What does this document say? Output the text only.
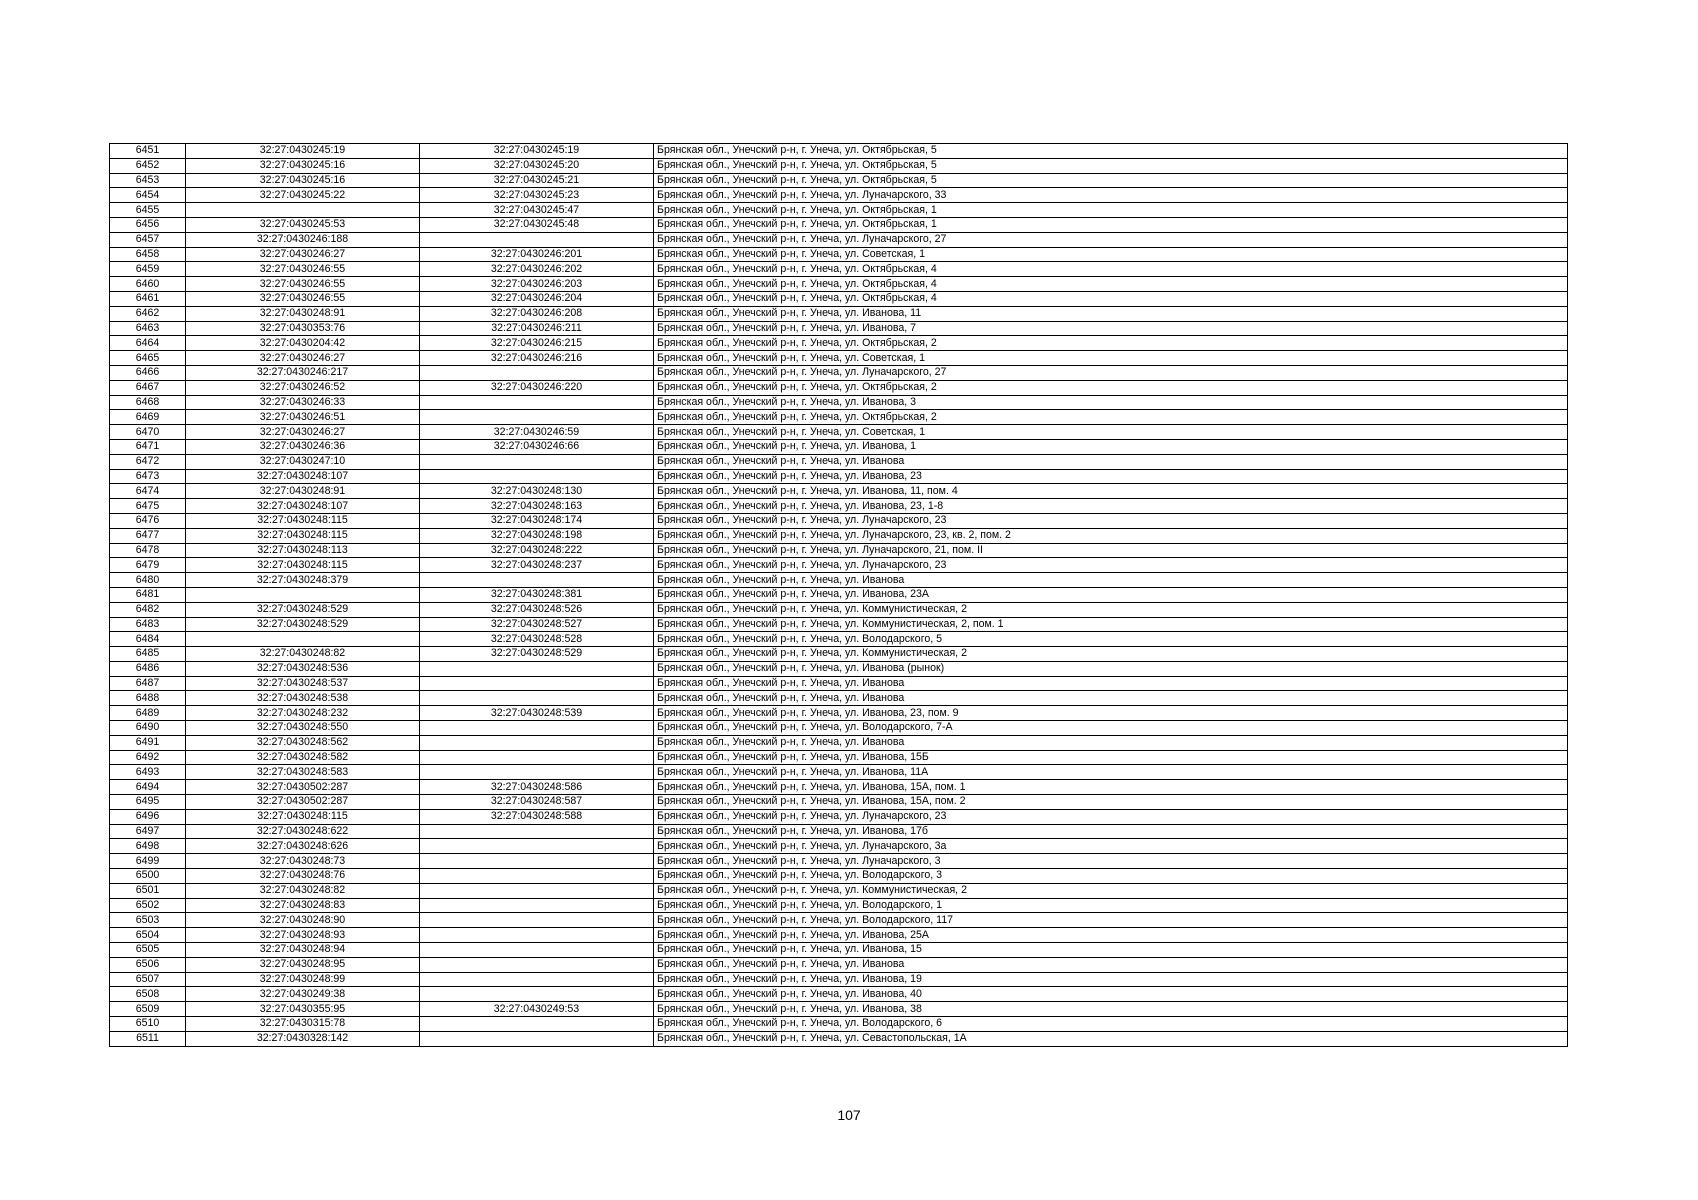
6451	32:27:0430245:19	32:27:0430245:19	Брянская обл., Унечский р-н, г. Унеча, ул. Октябрьская, 5
6452	32:27:0430245:16	32:27:0430245:20	Брянская обл., Унечский р-н, г. Унеча, ул. Октябрьская, 5
6453	32:27:0430245:16	32:27:0430245:21	Брянская обл., Унечский р-н, г. Унеча, ул. Октябрьская, 5
6454	32:27:0430245:22	32:27:0430245:23	Брянская обл., Унечский р-н, г. Унеча, ул. Луначарского, 33
6455		32:27:0430245:47	Брянская обл., Унечский р-н, г. Унеча, ул. Октябрьская, 1
6456	32:27:0430245:53	32:27:0430245:48	Брянская обл., Унечский р-н, г. Унеча, ул. Октябрьская, 1
6457	32:27:0430246:188		Брянская обл., Унечский р-н, г. Унеча, ул. Луначарского, 27
6458	32:27:0430246:27	32:27:0430246:201	Брянская обл., Унечский р-н, г. Унеча, ул. Советская, 1
6459	32:27:0430246:55	32:27:0430246:202	Брянская обл., Унечский р-н, г. Унеча, ул. Октябрьская, 4
6460	32:27:0430246:55	32:27:0430246:203	Брянская обл., Унечский р-н, г. Унеча, ул. Октябрьская, 4
6461	32:27:0430246:55	32:27:0430246:204	Брянская обл., Унечский р-н, г. Унеча, ул. Октябрьская, 4
6462	32:27:0430248:91	32:27:0430246:208	Брянская обл., Унечский р-н, г. Унеча, ул. Иванова, 11
6463	32:27:0430353:76	32:27:0430246:211	Брянская обл., Унечский р-н, г. Унеча, ул. Иванова, 7
6464	32:27:0430204:42	32:27:0430246:215	Брянская обл., Унечский р-н, г. Унеча, ул. Октябрьская, 2
6465	32:27:0430246:27	32:27:0430246:216	Брянская обл., Унечский р-н, г. Унеча, ул. Советская, 1
6466	32:27:0430246:217		Брянская обл., Унечский р-н, г. Унеча, ул. Луначарского, 27
6467	32:27:0430246:52	32:27:0430246:220	Брянская обл., Унечский р-н, г. Унеча, ул. Октябрьская, 2
6468	32:27:0430246:33		Брянская обл., Унечский р-н, г. Унеча, ул. Иванова, 3
6469	32:27:0430246:51		Брянская обл., Унечский р-н, г. Унеча, ул. Октябрьская, 2
6470	32:27:0430246:27	32:27:0430246:59	Брянская обл., Унечский р-н, г. Унеча, ул. Советская, 1
6471	32:27:0430246:36	32:27:0430246:66	Брянская обл., Унечский р-н, г. Унеча, ул. Иванова, 1
6472	32:27:0430247:10		Брянская обл., Унечский р-н, г. Унеча, ул. Иванова
6473	32:27:0430248:107		Брянская обл., Унечский р-н, г. Унеча, ул. Иванова, 23
6474	32:27:0430248:91	32:27:0430248:130	Брянская обл., Унечский р-н, г. Унеча, ул. Иванова, 11, пом. 4
6475	32:27:0430248:107	32:27:0430248:163	Брянская обл., Унечский р-н, г. Унеча, ул. Иванова, 23, 1-8
6476	32:27:0430248:115	32:27:0430248:174	Брянская обл., Унечский р-н, г. Унеча, ул. Луначарского, 23
6477	32:27:0430248:115	32:27:0430248:198	Брянская обл., Унечский р-н, г. Унеча, ул. Луначарского, 23, кв. 2, пом. 2
6478	32:27:0430248:113	32:27:0430248:222	Брянская обл., Унечский р-н, г. Унеча, ул. Луначарского, 21, пом. II
6479	32:27:0430248:115	32:27:0430248:237	Брянская обл., Унечский р-н, г. Унеча, ул. Луначарского, 23
6480	32:27:0430248:379		Брянская обл., Унечский р-н, г. Унеча, ул. Иванова
6481		32:27:0430248:381	Брянская обл., Унечский р-н, г. Унеча, ул. Иванова, 23А
6482	32:27:0430248:529	32:27:0430248:526	Брянская обл., Унечский р-н, г. Унеча, ул. Коммунистическая, 2
6483	32:27:0430248:529	32:27:0430248:527	Брянская обл., Унечский р-н, г. Унеча, ул. Коммунистическая, 2, пом. 1
6484		32:27:0430248:528	Брянская обл., Унечский р-н, г. Унеча, ул. Володарского, 5
6485	32:27:0430248:82	32:27:0430248:529	Брянская обл., Унечский р-н, г. Унеча, ул. Коммунистическая, 2
6486	32:27:0430248:536		Брянская обл., Унечский р-н, г. Унеча, ул. Иванова (рынок)
6487	32:27:0430248:537		Брянская обл., Унечский р-н, г. Унеча, ул. Иванова
6488	32:27:0430248:538		Брянская обл., Унечский р-н, г. Унеча, ул. Иванова
6489	32:27:0430248:232	32:27:0430248:539	Брянская обл., Унечский р-н, г. Унеча, ул. Иванова, 23, пом. 9
6490	32:27:0430248:550		Брянская обл., Унечский р-н, г. Унеча, ул. Володарского, 7-А
6491	32:27:0430248:562		Брянская обл., Унечский р-н, г. Унеча, ул. Иванова
6492	32:27:0430248:582		Брянская обл., Унечский р-н, г. Унеча, ул. Иванова, 15Б
6493	32:27:0430248:583		Брянская обл., Унечский р-н, г. Унеча, ул. Иванова, 11А
6494	32:27:0430502:287	32:27:0430248:586	Брянская обл., Унечский р-н, г. Унеча, ул. Иванова, 15А, пом. 1
6495	32:27:0430502:287	32:27:0430248:587	Брянская обл., Унечский р-н, г. Унеча, ул. Иванова, 15А, пом. 2
6496	32:27:0430248:115	32:27:0430248:588	Брянская обл., Унечский р-н, г. Унеча, ул. Луначарского, 23
6497	32:27:0430248:622		Брянская обл., Унечский р-н, г. Унеча, ул. Иванова, 17б
6498	32:27:0430248:626		Брянская обл., Унечский р-н, г. Унеча, ул. Луначарского, 3а
6499	32:27:0430248:73		Брянская обл., Унечский р-н, г. Унеча, ул. Луначарского, 3
6500	32:27:0430248:76		Брянская обл., Унечский р-н, г. Унеча, ул. Володарского, 3
6501	32:27:0430248:82		Брянская обл., Унечский р-н, г. Унеча, ул. Коммунистическая, 2
6502	32:27:0430248:83		Брянская обл., Унечский р-н, г. Унеча, ул. Володарского, 1
6503	32:27:0430248:90		Брянская обл., Унечский р-н, г. Унеча, ул. Володарского, 117
6504	32:27:0430248:93		Брянская обл., Унечский р-н, г. Унеча, ул. Иванова, 25А
6505	32:27:0430248:94		Брянская обл., Унечский р-н, г. Унеча, ул. Иванова, 15
6506	32:27:0430248:95		Брянская обл., Унечский р-н, г. Унеча, ул. Иванова
6507	32:27:0430248:99		Брянская обл., Унечский р-н, г. Унеча, ул. Иванова, 19
6508	32:27:0430249:38		Брянская обл., Унечский р-н, г. Унеча, ул. Иванова, 40
6509	32:27:0430355:95	32:27:0430249:53	Брянская обл., Унечский р-н, г. Унеча, ул. Иванова, 38
6510	32:27:0430315:78		Брянская обл., Унечский р-н, г. Унеча, ул. Володарского, 6
6511	32:27:0430328:142		Брянская обл., Унечский р-н, г. Унеча, ул. Севастопольская, 1А
107
